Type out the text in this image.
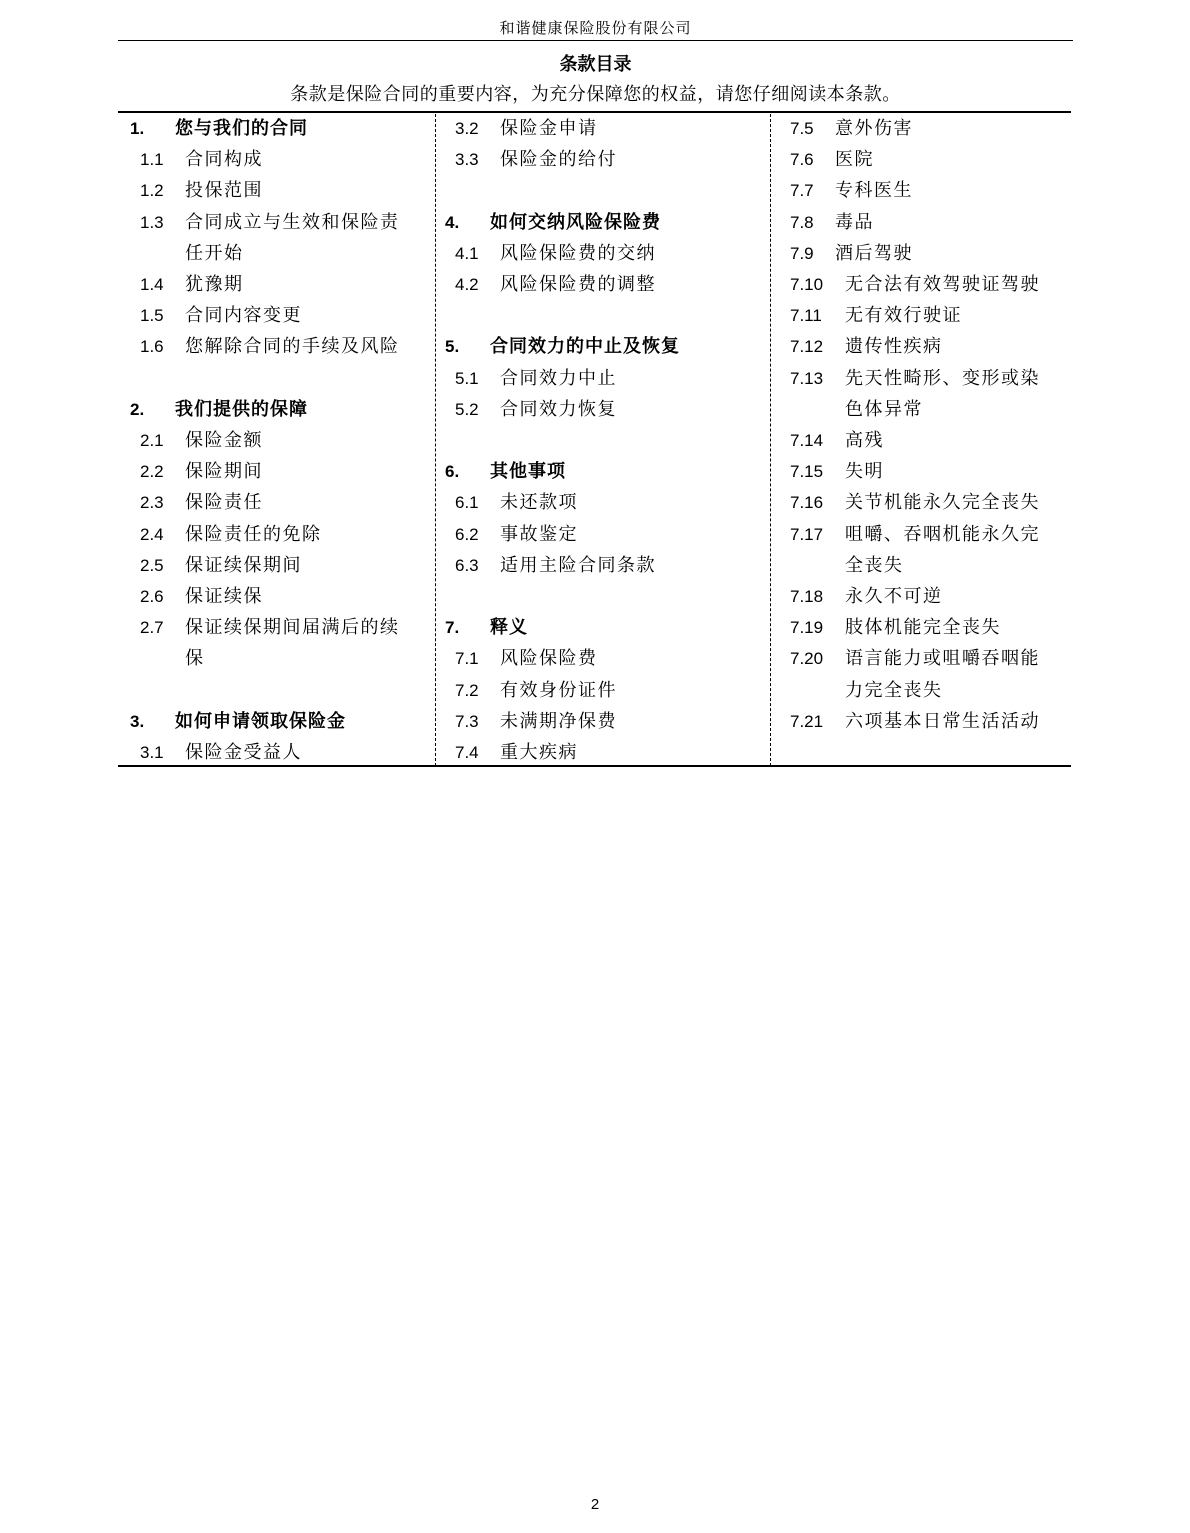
和谐健康保险股份有限公司
条款目录
条款是保险合同的重要内容，为充分保障您的权益，请您仔细阅读本条款。
1. 您与我们的合同
1.1 合同构成
1.2 投保范围
1.3 合同成立与生效和保险责
任开始
1.4 犹豫期
1.5 合同内容变更
1.6 您解除合同的手续及风险
2. 我们提供的保障
2.1 保险金额
2.2 保险期间
2.3 保险责任
2.4 保险责任的免除
2.5 保证续保期间
2.6 保证续保
2.7 保证续保期间届满后的续
保
3. 如何申请领取保险金
3.1 保险金受益人
3.2 保险金申请
3.3 保险金的给付
4. 如何交纳风险保险费
4.1 风险保险费的交纳
4.2 风险保险费的调整
5. 合同效力的中止及恢复
5.1 合同效力中止
5.2 合同效力恢复
6. 其他事项
6.1 未还款项
6.2 事故鉴定
6.3 适用主险合同条款
7. 释义
7.1 风险保险费
7.2 有效身份证件
7.3 未满期净保费
7.4 重大疾病
7.5 意外伤害
7.6 医院
7.7 专科医生
7.8 毒品
7.9 酒后驾驶
7.10 无合法有效驾驶证驾驶
7.11 无有效行驶证
7.12 遗传性疾病
7.13 先天性畸形、变形或染
色体异常
7.14 高残
7.15 失明
7.16 关节机能永久完全丧失
7.17 咀嚼、吞咽机能永久完
全丧失
7.18 永久不可逆
7.19 肢体机能完全丧失
7.20 语言能力或咀嚼吞咽能
力完全丧失
7.21 六项基本日常生活活动
2
